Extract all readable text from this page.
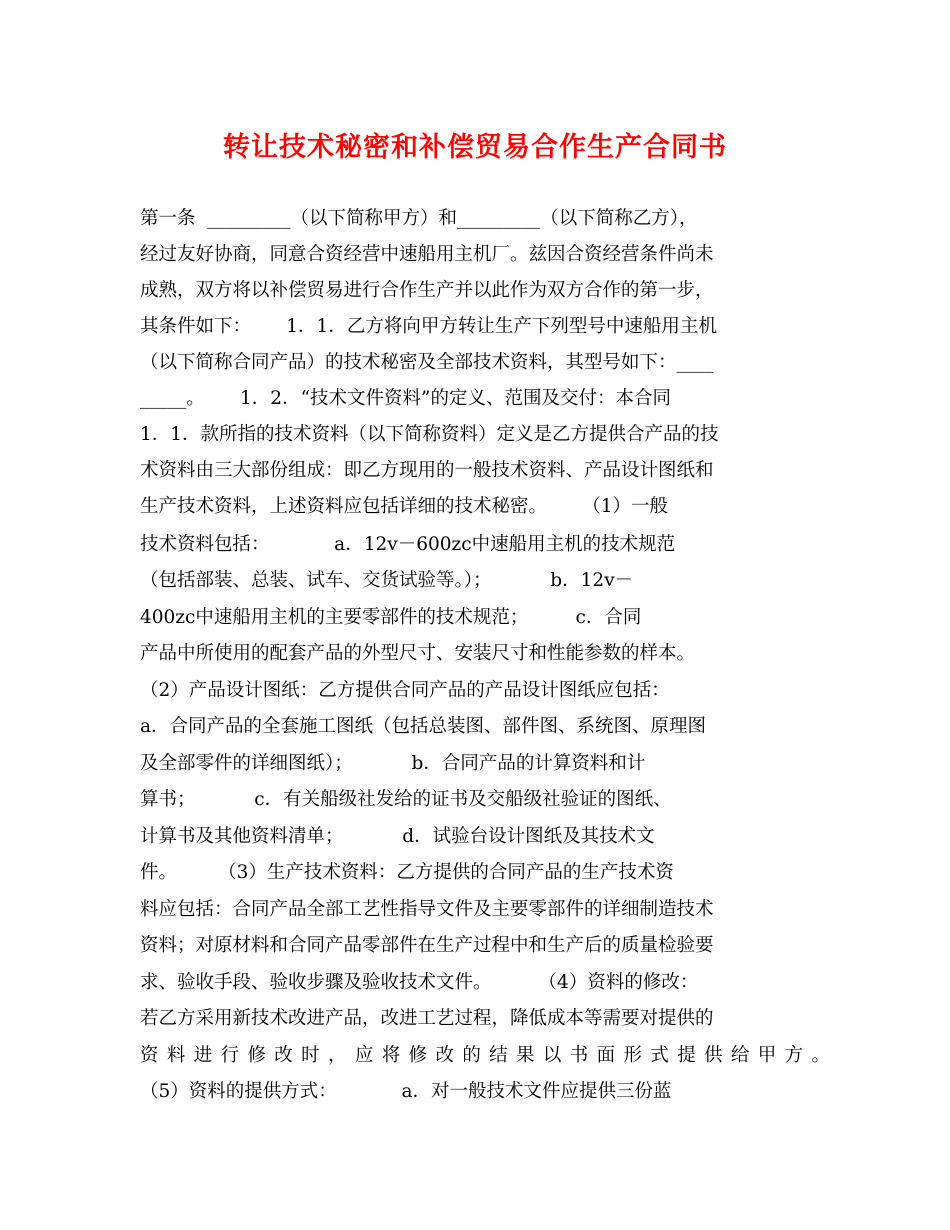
转让技术秘密和补偿贸易合作生产合同书
第一条  _________（以下简称甲方）和_________（以下简称乙方），
经过友好协商，同意合资经营中速船用主机厂。兹因合资经营条件尚未
成熟，双方将以补偿贸易进行合作生产并以此作为双方合作的第一步，
其条件如下：      1．1．乙方将向甲方转让生产下列型号中速船用主机
（以下简称合同产品）的技术秘密及全部技术资料，其型号如下：____
_____。      1．2．“技术文件资料”的定义、范围及交付：本合同
1．1．款所指的技术资料（以下简称资料）定义是乙方提供合产品的技
术资料由三大部份组成：即乙方现用的一般技术资料、产品设计图纸和
生产技术资料，上述资料应包括详细的技术秘密。      （1）一般
技术资料包括：           a．12v－600zc中速船用主机的技术规范
（包括部装、总装、试车、交货试验等。）；          b．12v－
400zc中速船用主机的主要零部件的技术规范；        c．合同
产品中所使用的配套产品的外型尺寸、安装尺寸和性能参数的样本。
（2）产品设计图纸：乙方提供合同产品的产品设计图纸应包括：
a．合同产品的全套施工图纸（包括总装图、部件图、系统图、原理图
及全部零件的详细图纸）；          b．合同产品的计算资料和计
算书；          c．有关船级社发给的证书及交船级社验证的图纸、
计算书及其他资料清单；          d．试验台设计图纸及其技术文
件。       （3）生产技术资料：乙方提供的合同产品的生产技术资
料应包括：合同产品全部工艺性指导文件及主要零部件的详细制造技术
资料；对原材料和合同产品零部件在生产过程中和生产后的质量检验要
求、验收手段、验收步骤及验收技术文件。        （4）资料的修改：
若乙方采用新技术改进产品，改进工艺过程，降低成本等需要对提供的
资料进行修改时，应将修改的结果以书面形式提供给甲方。
（5）资料的提供方式：           a．对一般技术文件应提供三份蓝
